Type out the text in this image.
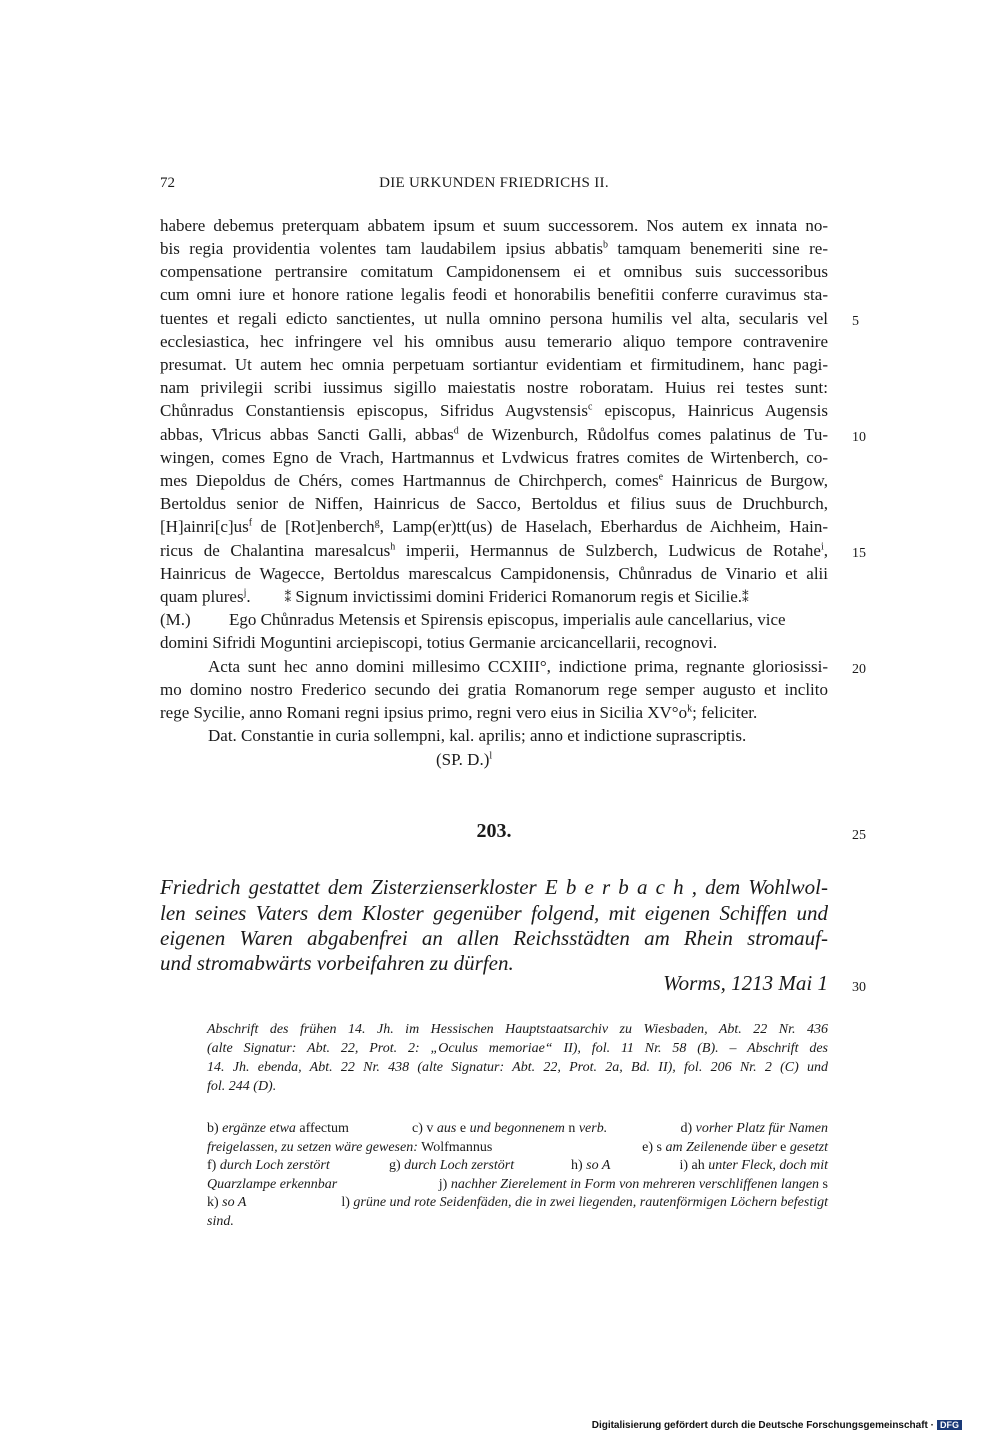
72	DIE URKUNDEN FRIEDRICHS II.
habere debemus preterquam abbatem ipsum et suum successorem. Nos autem ex innata no-
bis regia providentia volentes tam laudabilem ipsius abbatis$^b$ tamquam benemeriti sine re-
compensatione pertransire comitatum Campidonensem ei et omnibus suis successoribus
cum omni iure et honore ratione legalis feodi et honorabilis benefitii conferre curavimus sta-
tuentes et regali edicto sanctientes, ut nulla omnino persona humilis vel alta, secularis vel
ecclesiastica, hec infringere vel his omnibus ausu temerario aliquo tempore contravenire
presumat. Ut autem hec omnia perpetuam sortiantur evidentiam et firmitudinem, hanc pagi-
nam privilegii scribi iussimus sigillo maiestatis nostre roboratam. Huius rei testes sunt:
Chůnradus Constantiensis episcopus, Sifridus Augvstensis$^c$ episcopus, Hainricus Augensis
abbas, V̊lricus abbas Sancti Galli, abbas$^d$ de Wizenburch, Růdolfus comes palatinus de Tu-
wingen, comes Egno de Vrach, Hartmannus et Lvdwicus fratres comites de Wirtenberch, co-
mes Diepoldus de Chérs, comes Hartmannus de Chirchperch, comes$^e$ Hainricus de Burgow,
Bertoldus senior de Niffen, Hainricus de Sacco, Bertoldus et filius suus de Druchburch,
$[H]ainri[c]us^f$ de [Rot]enberch$^g$, Lamp(er)tt(us) de Haselach, Eberhardus de Aichheim, Hain-
ricus de Chalantina maresalcus$^h$ imperii, Hermannus de Sulzberch, Ludwicus de Rotahe$^i$,
Hainricus de Wagecce, Bertoldus marescalcus Campidonensis, Chůnradus de Vinario et alii
quam plures$^j$.        ⁑ Signum invictissimi domini Friderici Romanorum regis et Sicilie.⁑
(M.) Ego Chůnradus Metensis et Spirensis episcopus, imperialis aule cancellarius, vice
domini Sifridi Moguntini arciepiscopi, totius Germanie arcicancellarii, recognovi.
Acta sunt hec anno domini millesimo CCXIII°, indictione prima, regnante gloriosissi-
mo domino nostro Frederico secundo dei gratia Romanorum rege semper augusto et inclito
rege Sycilie, anno Romani regni ipsius primo, regni vero eius in Sicilia $XV^\circ o^k$; feliciter.
Dat. Constantie in curia sollempni, kal. aprilis; anno et indictione suprascriptis.
(SP. D.)$^l$
5
10
15
20
25
30
203.
Friedrich gestattet dem Zisterzienserkloster E b e r b a c h , dem Wohlwol-
len seines Vaters dem Kloster gegenüber folgend, mit eigenen Schiffen und
eigenen Waren abgabenfrei an allen Reichsstädten am Rhein stromauf-
und stromabwärts vorbeifahren zu dürfen.
Worms, 1213 Mai 1
Abschrift des frühen 14. Jh. im Hessischen Hauptstaatsarchiv zu Wiesbaden, Abt. 22 Nr. 436
(alte Signatur: Abt. 22, Prot. 2: „Oculus memoriae“ II), fol. 11 Nr. 58 (B). – Abschrift des
14. Jh. ebenda, Abt. 22 Nr. 438 (alte Signatur: Abt. 22, Prot. 2a, Bd. II), fol. 206 Nr. 2 (C) und
fol. 244 (D).
b) ergänze etwa affectum	c) v aus e und begonnenem n verb.	d) vorher Platz für Namen
freigelassen, zu setzen wäre gewesen: Wolfmannus	e) s am Zeilenende über e gesetzt
f) durch Loch zerstört	g) durch Loch zerstört	h) so A	i) ah unter Fleck, doch mit
Quarzlampe erkennbar	j) nachher Zierelement in Form von mehreren verschliffenen langen s
k) so A	l) grüne und rote Seidenfäden, die in zwei liegenden, rautenförmigen Löchern befestigt
sind.
Digitalisierung gefördert durch die Deutsche Forschungsgemeinschaft · DFG
